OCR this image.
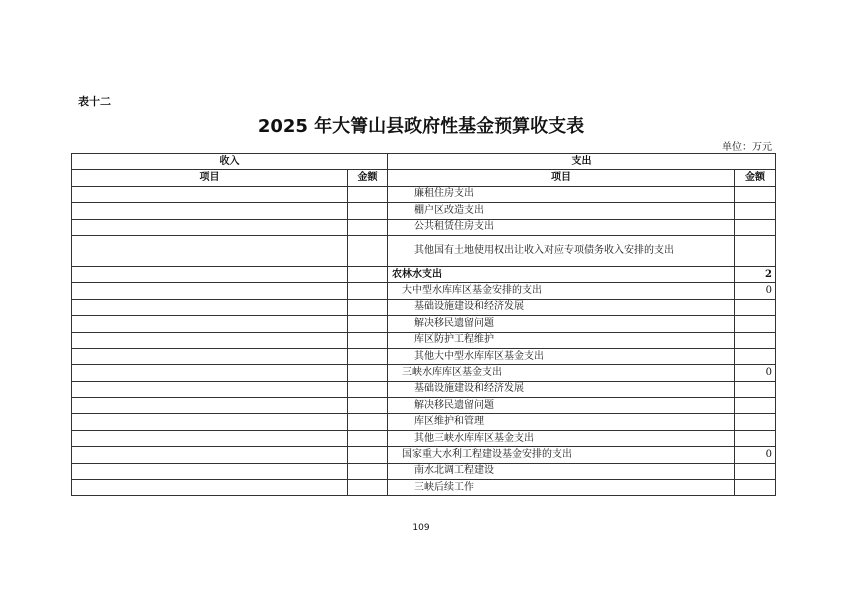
表十二
2025 年大箐山县政府性基金预算收支表
单位：万元
收入		支出	
项目	金额	项目	金额
		廉租住房支出	
		棚户区改造支出	
		公共租赁住房支出	
		其他国有土地使用权出让收入对应专项债务收入安排的支出	
		农林水支出	2
		大中型水库库区基金安排的支出	0
		基础设施建设和经济发展	
		解决移民遗留问题	
		库区防护工程维护	
		其他大中型水库库区基金支出	
		三峡水库库区基金支出	0
		基础设施建设和经济发展	
		解决移民遗留问题	
		库区维护和管理	
		其他三峡水库库区基金支出	
		国家重大水利工程建设基金安排的支出	0
		南水北调工程建设	
		三峡后续工作	
109
